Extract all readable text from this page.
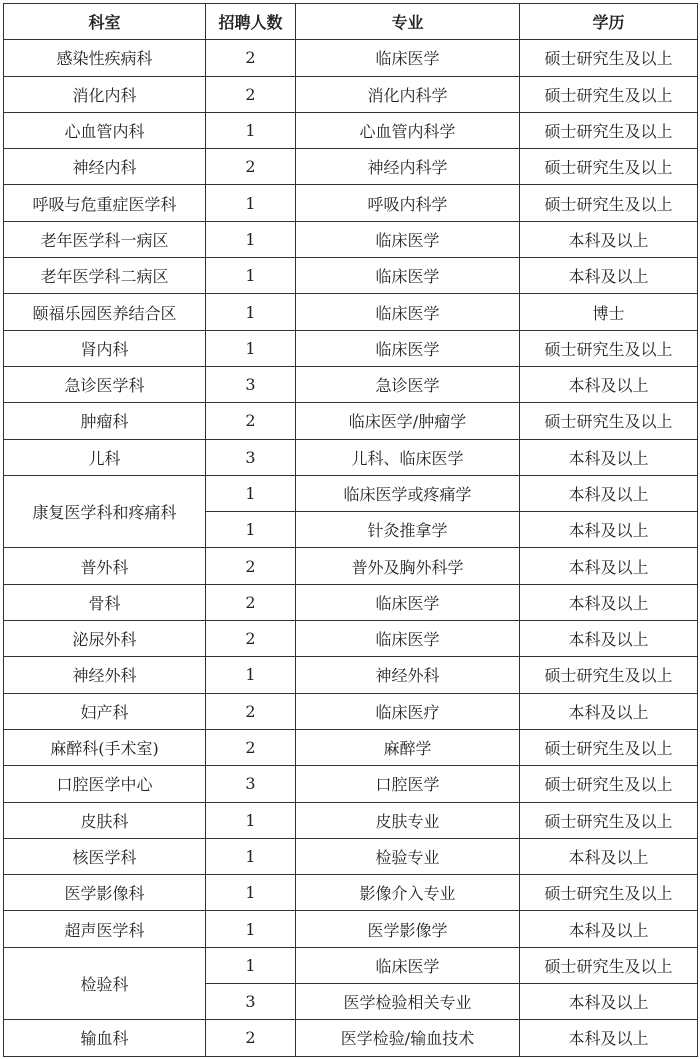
科室	招聘人数	专业	学历
感染性疾病科	2	临床医学	硕士研究生及以上
消化内科	2	消化内科学	硕士研究生及以上
心血管内科	1	心血管内科学	硕士研究生及以上
神经内科	2	神经内科学	硕士研究生及以上
呼吸与危重症医学科	1	呼吸内科学	硕士研究生及以上
老年医学科一病区	1	临床医学	本科及以上
老年医学科二病区	1	临床医学	本科及以上
颐福乐园医养结合区	1	临床医学	博士
肾内科	1	临床医学	硕士研究生及以上
急诊医学科	3	急诊医学	本科及以上
肿瘤科	2	临床医学/肿瘤学	硕士研究生及以上
儿科	3	儿科、临床医学	本科及以上
康复医学科和疼痛科	1	临床医学或疼痛学	本科及以上
	1	针灸推拿学	本科及以上
普外科	2	普外及胸外科学	本科及以上
骨科	2	临床医学	本科及以上
泌尿外科	2	临床医学	本科及以上
神经外科	1	神经外科	硕士研究生及以上
妇产科	2	临床医疗	本科及以上
麻醉科(手术室)	2	麻醉学	硕士研究生及以上
口腔医学中心	3	口腔医学	硕士研究生及以上
皮肤科	1	皮肤专业	硕士研究生及以上
核医学科	1	检验专业	本科及以上
医学影像科	1	影像介入专业	硕士研究生及以上
超声医学科	1	医学影像学	本科及以上
检验科	1	临床医学	硕士研究生及以上
	3	医学检验相关专业	本科及以上
输血科	2	医学检验/输血技术	本科及以上
